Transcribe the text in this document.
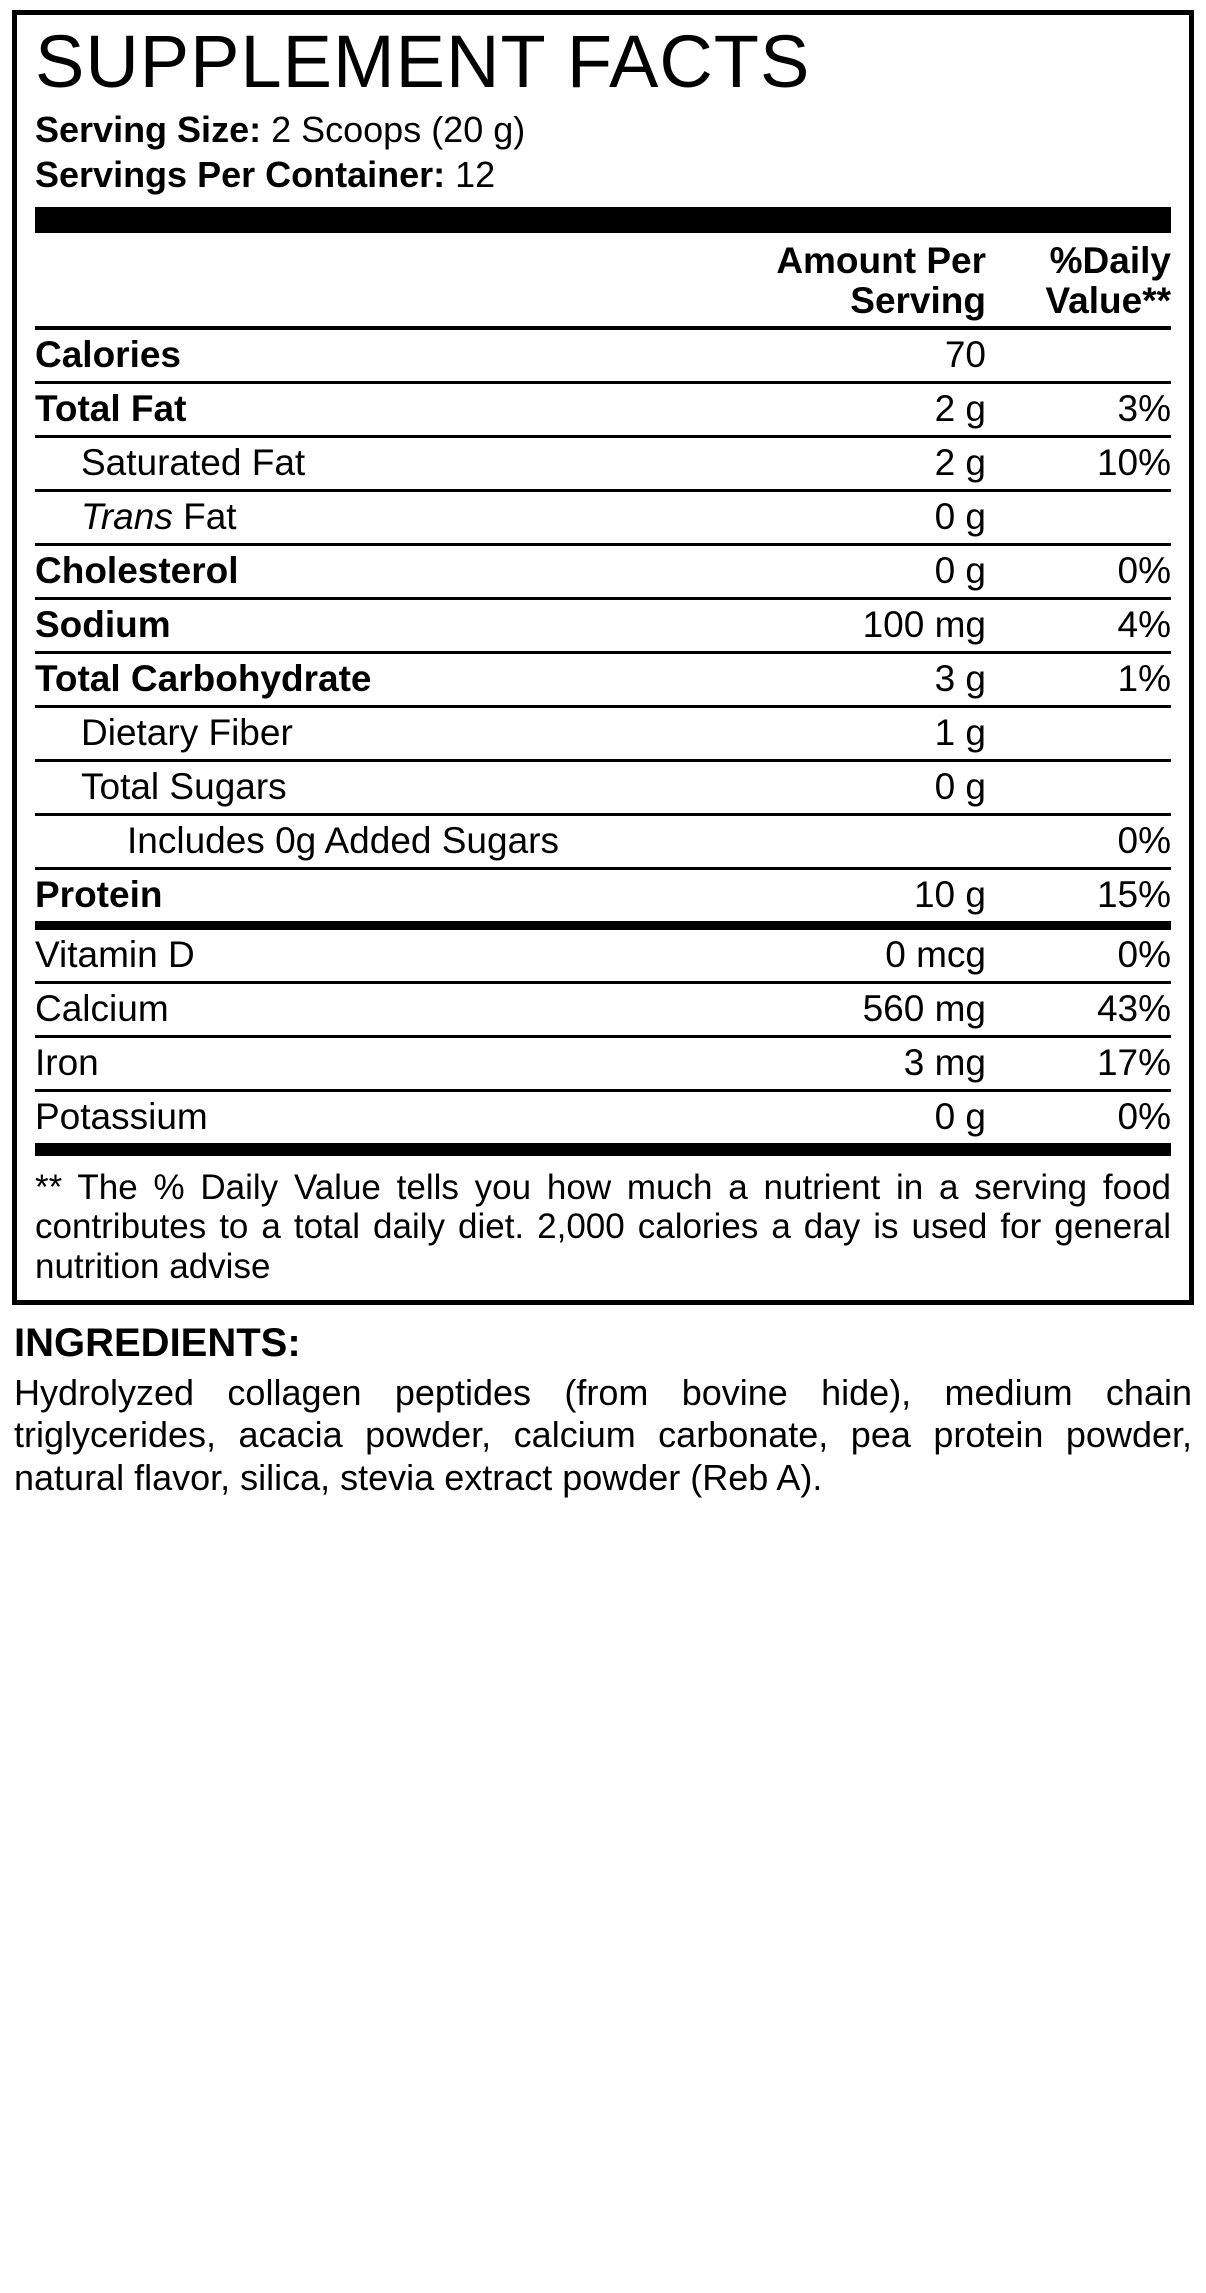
SUPPLEMENT FACTS
Serving Size: 2 Scoops (20 g)
Servings Per Container: 12

Amount Per
Serving

%Daily
Value**
Calories	70	
Total Fat	2 g	3%
Saturated Fat	2 g	10%
Trans Fat	0 g	
Cholesterol	0 g	0%
Sodium	100 mg	4%
Total Carbohydrate	3 g	1%
Dietary Fiber	1 g	
Total Sugars	0 g	
Includes 0g Added Sugars		0%
Protein	10 g	15%
Vitamin D	0 mcg	0%
Calcium	560 mg	43%
Iron	3 mg	17%
Potassium	0 g	0%
** The % Daily Value tells you how much a nutrient in a serving food contributes to a total daily diet. 2,000 calories a day is used for general nutrition advise
INGREDIENTS:
Hydrolyzed collagen peptides (from bovine hide), medium chain triglycerides, acacia powder, calcium carbonate, pea protein powder, natural flavor, silica, stevia extract powder (Reb A).
